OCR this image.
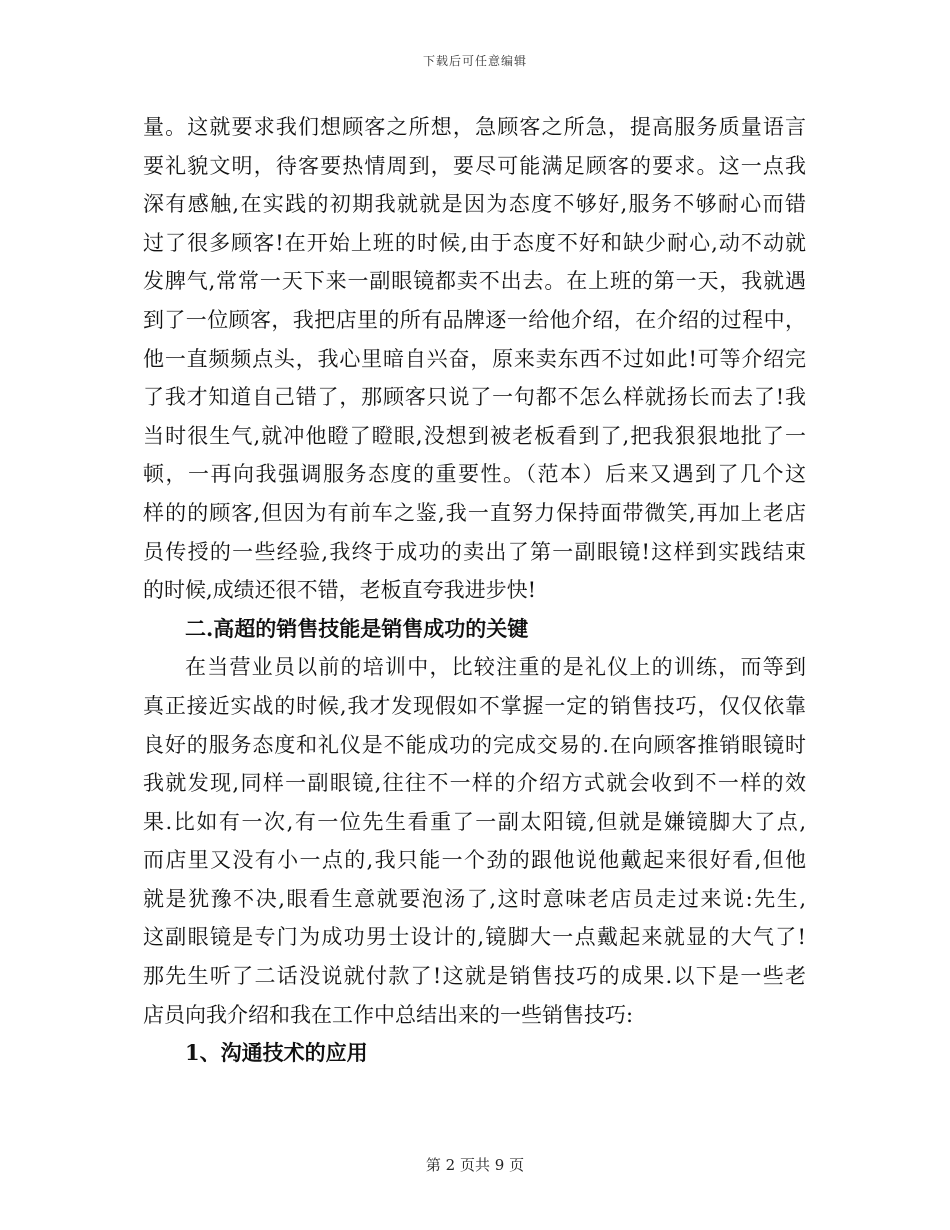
下载后可任意编辑
量。这就要求我们想顾客之所想，急顾客之所急，提高服务质量语言
要礼貌文明，待客要热情周到，要尽可能满足顾客的要求。这一点我
深有感触,在实践的初期我就就是因为态度不够好,服务不够耐心而错
过了很多顾客!在开始上班的时候,由于态度不好和缺少耐心,动不动就
发脾气,常常一天下来一副眼镜都卖不出去。在上班的第一天，我就遇
到了一位顾客，我把店里的所有品牌逐一给他介绍，在介绍的过程中，
他一直频频点头，我心里暗自兴奋，原来卖东西不过如此!可等介绍完
了我才知道自己错了，那顾客只说了一句都不怎么样就扬长而去了!我
当时很生气,就冲他瞪了瞪眼,没想到被老板看到了,把我狠狠地批了一
顿，一再向我强调服务态度的重要性。（范本）后来又遇到了几个这
样的的顾客,但因为有前车之鉴,我一直努力保持面带微笑,再加上老店
员传授的一些经验,我终于成功的卖出了第一副眼镜!这样到实践结束
的时候,成绩还很不错，老板直夸我进步快!
二.高超的销售技能是销售成功的关键
在当营业员以前的培训中，比较注重的是礼仪上的训练，而等到
真正接近实战的时候,我才发现假如不掌握一定的销售技巧，仅仅依靠
良好的服务态度和礼仪是不能成功的完成交易的.在向顾客推销眼镜时
我就发现,同样一副眼镜,往往不一样的介绍方式就会收到不一样的效
果.比如有一次,有一位先生看重了一副太阳镜,但就是嫌镜脚大了点,
而店里又没有小一点的,我只能一个劲的跟他说他戴起来很好看,但他
就是犹豫不决,眼看生意就要泡汤了,这时意味老店员走过来说:先生,
这副眼镜是专门为成功男士设计的,镜脚大一点戴起来就显的大气了!
那先生听了二话没说就付款了!这就是销售技巧的成果.以下是一些老
店员向我介绍和我在工作中总结出来的一些销售技巧:
1、沟通技术的应用
第 2 页共 9 页
